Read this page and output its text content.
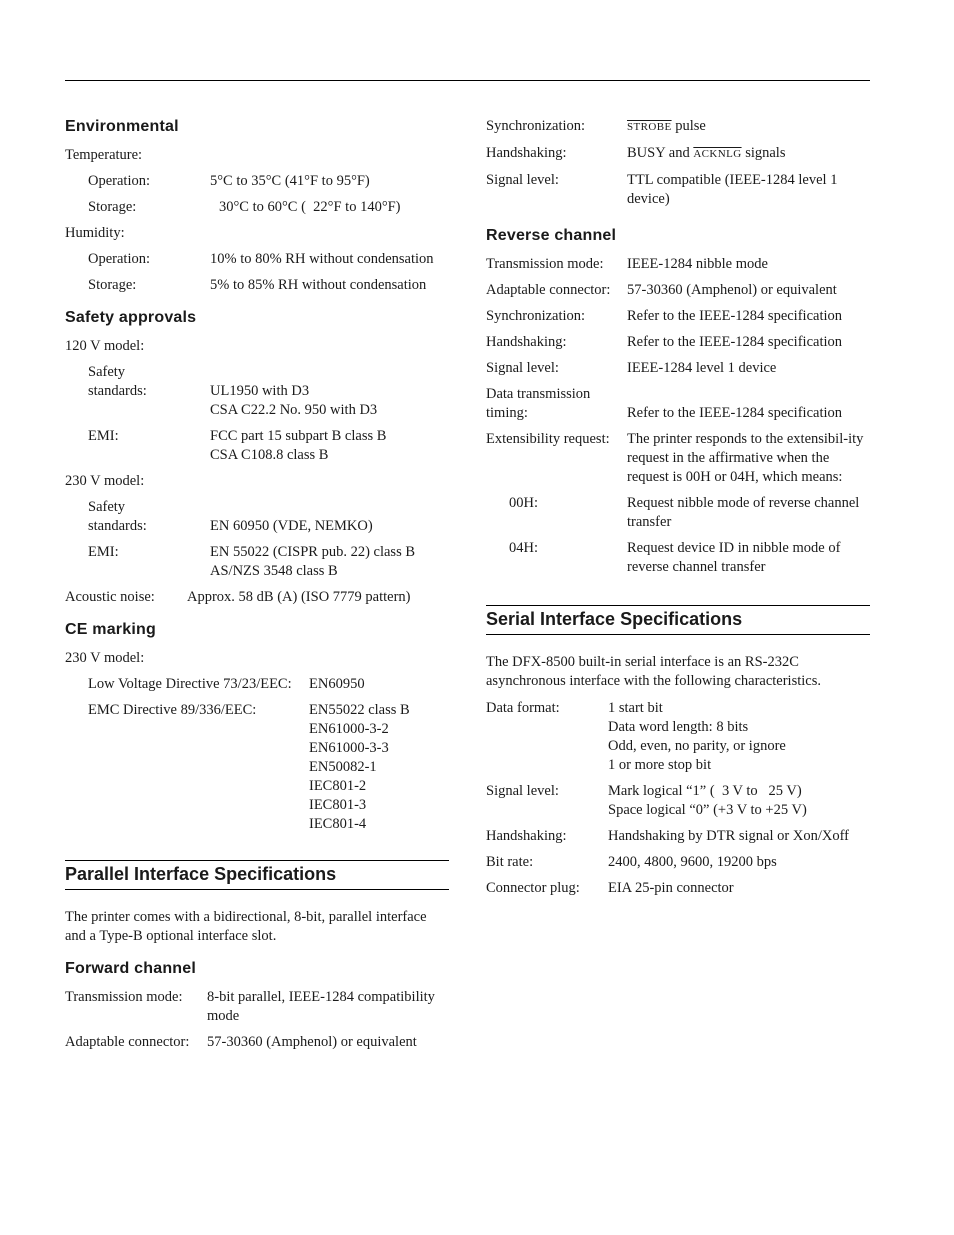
Environmental
Temperature:
Operation:	5°C to 35°C (41°F to 95°F)
Storage:	30°C to 60°C (  22°F to 140°F)
Humidity:
Operation:	10% to 80% RH without condensation
Storage:	5% to 85% RH without condensation
Safety approvals
120 V model:
Safety
standards:
	UL1950 with D3
CSA C22.2 No. 950 with D3
EMI:	FCC part 15 subpart B class B
CSA C108.8 class B
230 V model:
Safety
standards:
	EN 60950 (VDE, NEMKO)
EMI:	EN 55022 (CISPR pub. 22) class B
AS/NZS 3548 class B
Acoustic noise:	Approx. 58 dB (A) (ISO 7779 pattern)
CE marking
230 V model:
Low Voltage Directive 73/23/EEC:	EN60950
EMC Directive 89/336/EEC:	EN55022 class B
EN61000-3-2
EN61000-3-3
EN50082-1
IEC801-2
IEC801-3
IEC801-4
Parallel Interface Specifications

The printer comes with a bidirectional, 8-bit, parallel interface and a Type-B optional interface slot.

Forward channel
Transmission mode:	8-bit parallel, IEEE-1284 compatibility mode
Adaptable connector:	57-30360 (Amphenol) or equivalent
Synchronization:	STROBE pulse
Handshaking:	BUSY and ACKNLG signals
Signal level:	TTL compatible (IEEE-1284 level 1 device)
Reverse channel
Transmission mode:	IEEE-1284 nibble mode
Adaptable connector:	57-30360 (Amphenol) or equivalent
Synchronization:	Refer to the IEEE-1284 specification
Handshaking:	Refer to the IEEE-1284 specification
Signal level:	IEEE-1284 level 1 device
Data transmission
timing:
	Refer to the IEEE-1284 specification
Extensibility request:	The printer responds to the extensibil-ity request in the affirmative when the request is 00H or 04H, which means:
00H:	Request nibble mode of reverse channel transfer
04H:	Request device ID in nibble mode of reverse channel transfer
Serial Interface Specifications

The DFX-8500 built-in serial interface is an RS-232C asynchronous interface with the following characteristics.

Data format:	1 start bit
Data word length: 8 bits
Odd, even, no parity, or ignore
1 or more stop bit
Signal level:	Mark logical “1” (  3 V to   25 V)
Space logical “0” (+3 V to +25 V)
Handshaking:	Handshaking by DTR signal or Xon/Xoff
Bit rate:	2400, 4800, 9600, 19200 bps
Connector plug:	EIA 25-pin connector
